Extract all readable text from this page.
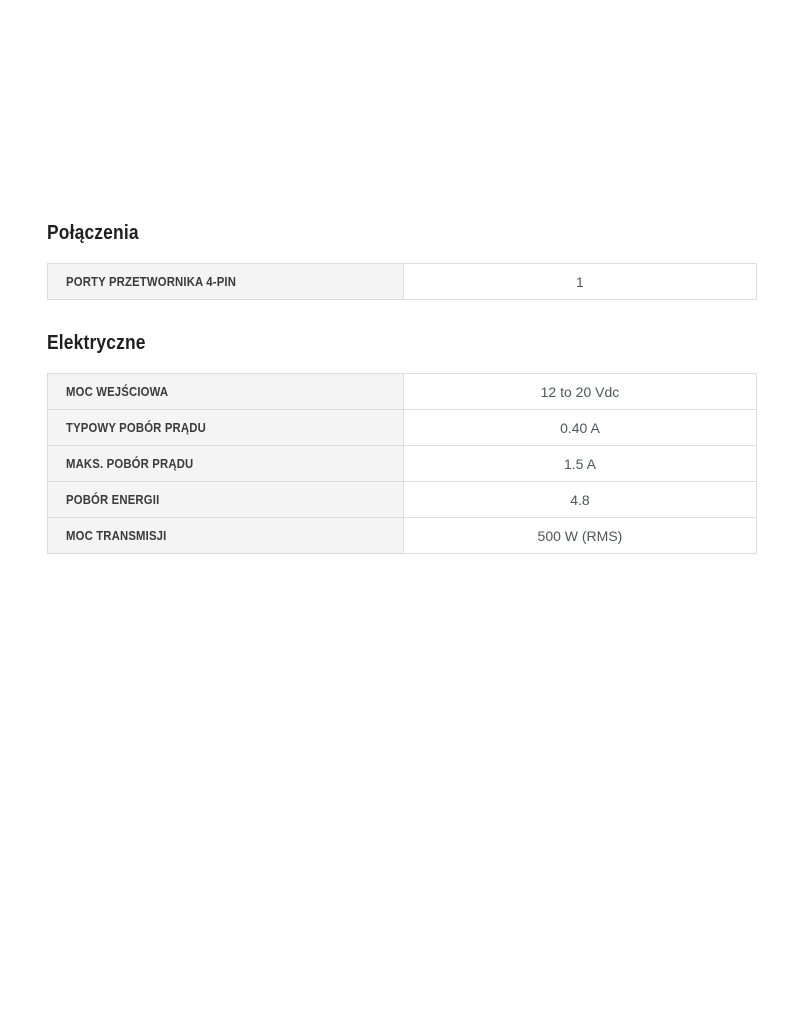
Połączenia
PORTY PRZETWORNIKA 4-PIN	1
Elektryczne
MOC WEJŚCIOWA	12 to 20 Vdc
TYPOWY POBÓR PRĄDU	0.40 A
MAKS. POBÓR PRĄDU	1.5 A
POBÓR ENERGII	4.8
MOC TRANSMISJI	500 W (RMS)
